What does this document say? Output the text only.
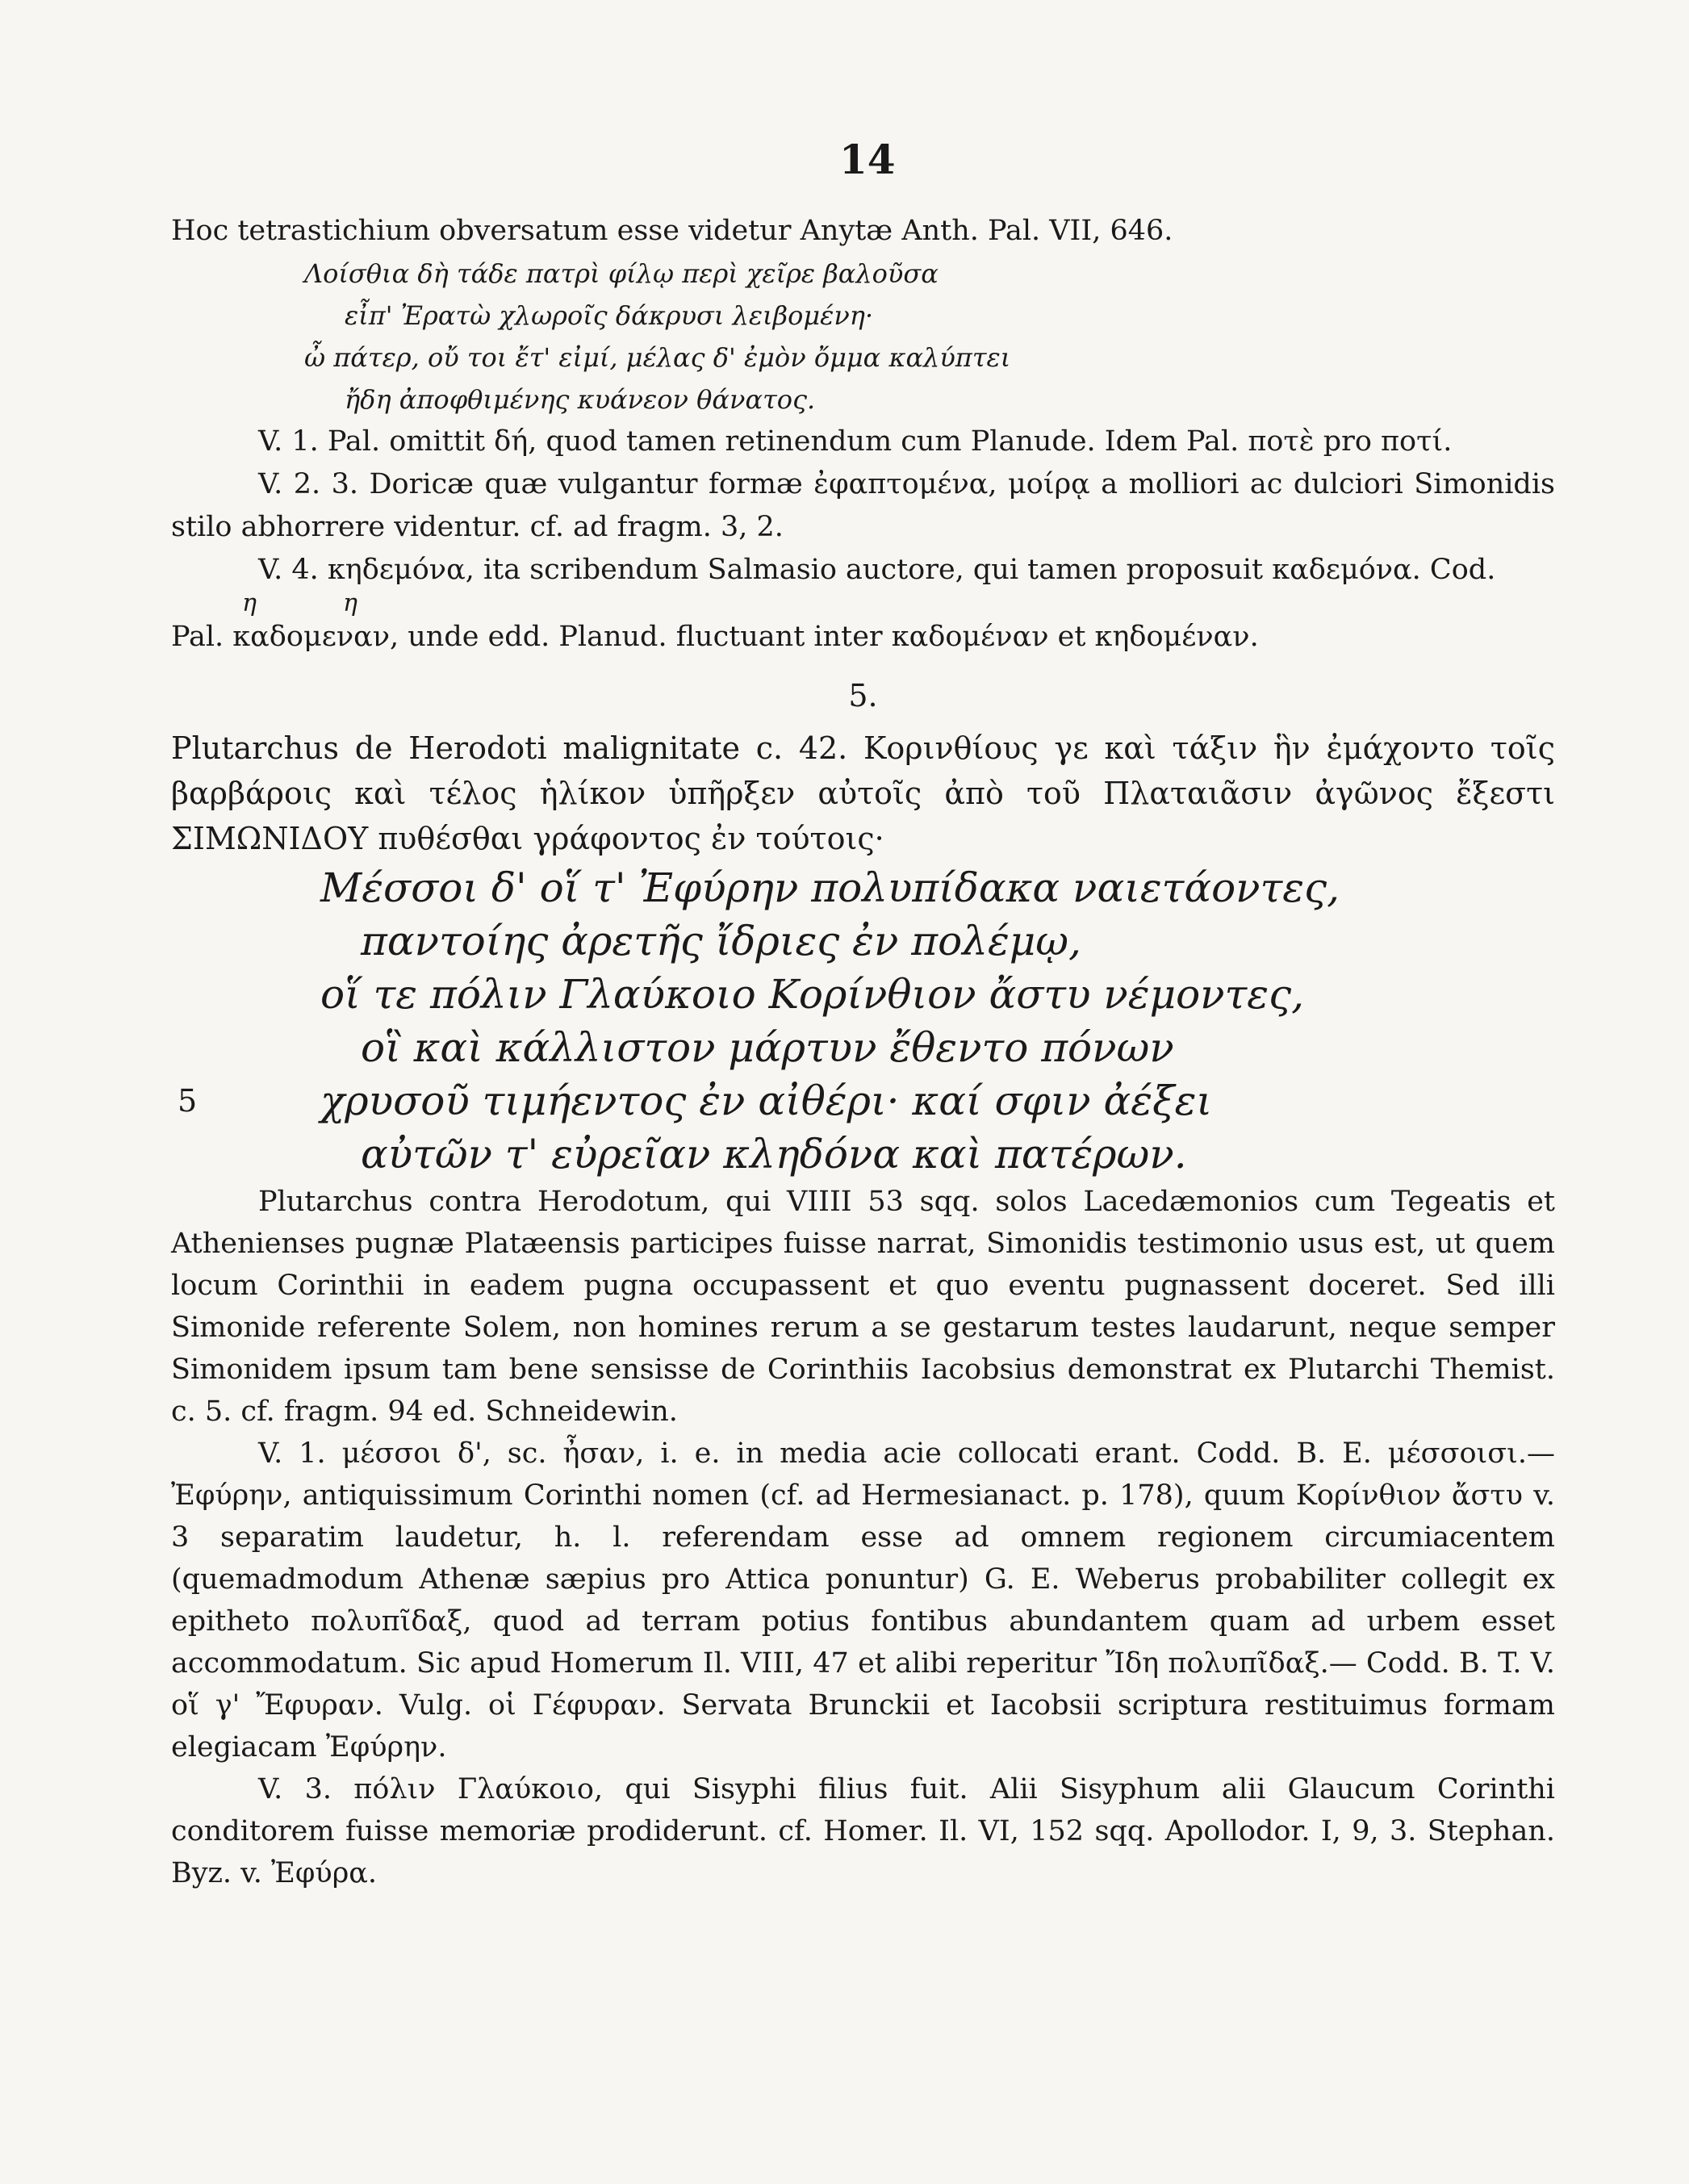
14

Hoc tetrastichium obversatum esse videtur Anytæ Anth. Pal. VII, 646.

Λοίσθια δὴ τάδε πατρὶ φίλῳ περὶ χεῖρε βαλοῦσα
εἶπ' Ἐρατὼ χλωροῖς δάκρυσι λειβομένη·
ὦ πάτερ, οὔ τοι ἔτ' εἰμί, μέλας δ' ἐμὸν ὄμμα καλύπτει
ἤδη ἀποφθιμένης κυάνεον θάνατος.

V. 1. Pal. omittit δή, quod tamen retinendum cum Planude. Idem Pal. ποτὲ pro ποτί.

V. 2. 3. Doricæ quæ vulgantur formæ ἐφαπτομένα, μοίρᾳ a molliori ac dulciori Simonidis stilo abhorrere videntur. cf. ad fragm. 3, 2.

V. 4. κηδεμόνα, ita scribendum Salmasio auctore, qui tamen proposuit καδεμόνα. Cod.

η	η

Pal. καδομεναν, unde edd. Planud. fluctuant inter καδομέναν et κηδομέναν.

5.

Plutarchus de Herodoti malignitate c. 42. Κορινθίους γε καὶ τάξιν ἣν ἐμάχοντο τοῖς βαρβάροις καὶ τέλος ἡλίκον ὑπῆρξεν αὐτοῖς ἀπὸ τοῦ Πλαταιᾶσιν ἀγῶνος ἔξεστι ΣΙΜΩΝΙΔΟΥ πυθέσθαι γράφοντος ἐν τούτοις·

Μέσσοι δ' οἵ τ' Ἐφύρην πολυπίδακα ναιετάοντες,
παντοίης ἀρετῆς ἴδριες ἐν πολέμῳ,
οἵ τε πόλιν Γλαύκοιο Κορίνθιον ἄστυ νέμοντες,
οἳ καὶ κάλλιστον μάρτυν ἔθεντο πόνων
5	χρυσοῦ τιμήεντος ἐν αἰθέρι· καί σφιν ἀέξει
αὐτῶν τ' εὐρεῖαν κληδόνα καὶ πατέρων.

Plutarchus contra Herodotum, qui VIIII 53 sqq. solos Lacedæmonios cum Tegeatis et Athenienses pugnæ Platæensis participes fuisse narrat, Simonidis testimonio usus est, ut quem locum Corinthii in eadem pugna occupassent et quo eventu pugnassent doceret. Sed illi Simonide referente Solem, non homines rerum a se gestarum testes laudarunt, neque semper Simonidem ipsum tam bene sensisse de Corinthiis Iacobsius demonstrat ex Plutarchi Themist. c. 5. cf. fragm. 94 ed. Schneidewin.

V. 1. μέσσοι δ', sc. ἦσαν, i. e. in media acie collocati erant. Codd. B. E. μέσσοισι.— Ἐφύρην, antiquissimum Corinthi nomen (cf. ad Hermesianact. p. 178), quum Κορίνθιον ἄστυ v. 3 separatim laudetur, h. l. referendam esse ad omnem regionem circumiacentem (quemadmodum Athenæ sæpius pro Attica ponuntur) G. E. Weberus probabiliter collegit ex epitheto πολυπῖδαξ, quod ad terram potius fontibus abundantem quam ad urbem esset accommodatum. Sic apud Homerum Il. VIII, 47 et alibi reperitur Ἴδη πολυπῖδαξ.— Codd. B. T. V. οἵ γ' Ἔφυραν. Vulg. οἱ Γέφυραν. Servata Brunckii et Iacobsii scriptura restituimus formam elegiacam Ἐφύρην.

V. 3. πόλιν Γλαύκοιο, qui Sisyphi filius fuit. Alii Sisyphum alii Glaucum Corinthi conditorem fuisse memoriæ prodiderunt. cf. Homer. Il. VI, 152 sqq. Apollodor. I, 9, 3. Stephan. Byz. v. Ἐφύρα.
